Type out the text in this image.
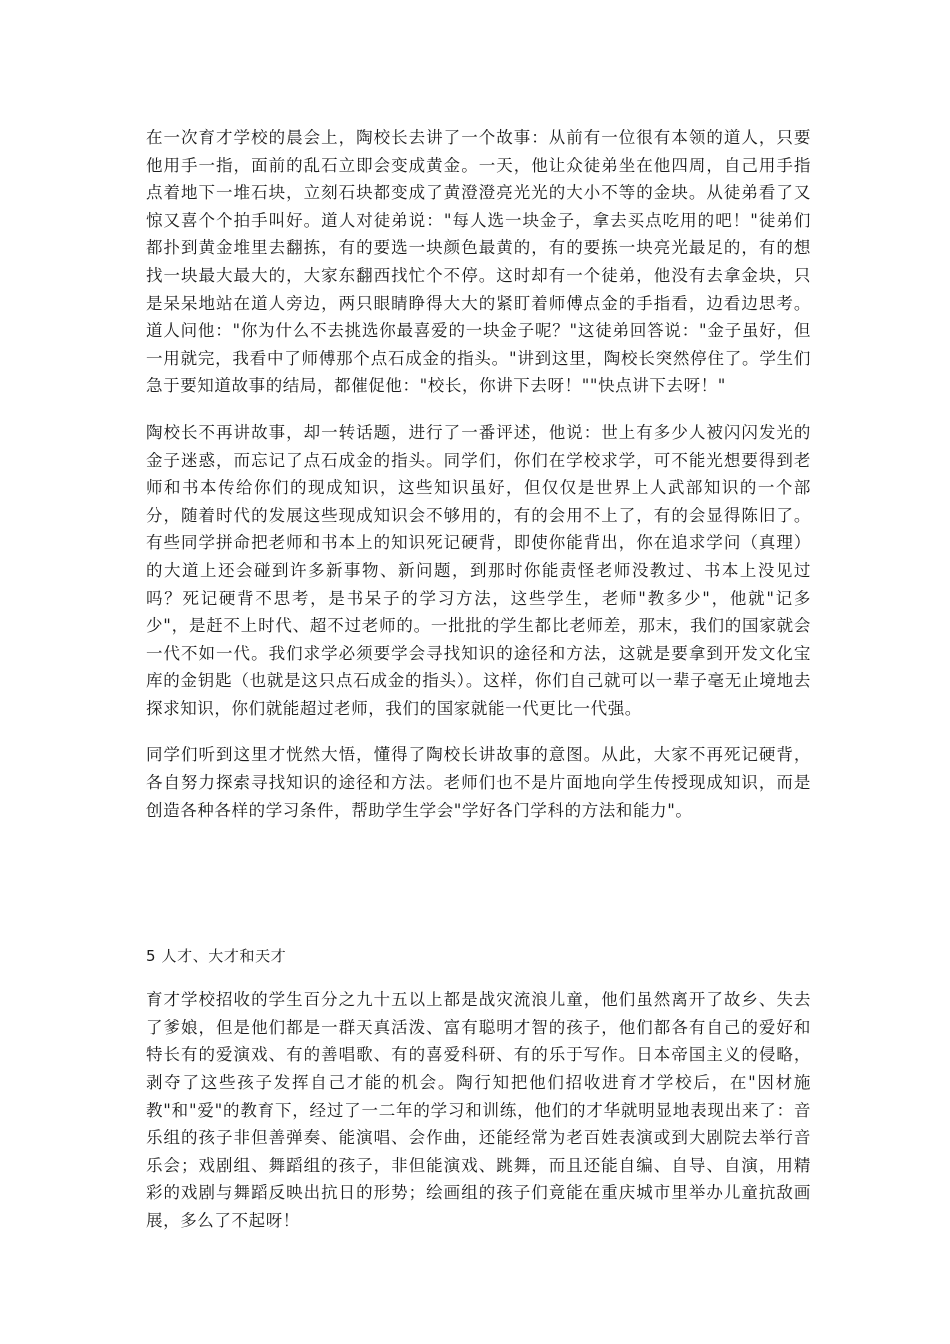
在一次育才学校的晨会上，陶校长去讲了一个故事：从前有一位很有本领的道人，只要他用手一指，面前的乱石立即会变成黄金。一天，他让众徒弟坐在他四周，自己用手指点着地下一堆石块，立刻石块都变成了黄澄澄亮光光的大小不等的金块。从徒弟看了又惊又喜个个拍手叫好。道人对徒弟说："每人选一块金子，拿去买点吃用的吧！"徒弟们都扑到黄金堆里去翻拣，有的要选一块颜色最黄的，有的要拣一块亮光最足的，有的想找一块最大最大的，大家东翻西找忙个不停。这时却有一个徒弟，他没有去拿金块，只是呆呆地站在道人旁边，两只眼睛睁得大大的紧盯着师傅点金的手指看，边看边思考。道人问他："你为什么不去挑选你最喜爱的一块金子呢？"这徒弟回答说："金子虽好，但一用就完，我看中了师傅那个点石成金的指头。"讲到这里，陶校长突然停住了。学生们急于要知道故事的结局，都催促他："校长，你讲下去呀！""快点讲下去呀！"

陶校长不再讲故事，却一转话题，进行了一番评述，他说：世上有多少人被闪闪发光的金子迷惑，而忘记了点石成金的指头。同学们，你们在学校求学，可不能光想要得到老师和书本传给你们的现成知识，这些知识虽好，但仅仅是世界上人武部知识的一个部分，随着时代的发展这些现成知识会不够用的，有的会用不上了，有的会显得陈旧了。有些同学拼命把老师和书本上的知识死记硬背，即使你能背出，你在追求学问（真理）的大道上还会碰到许多新事物、新问题，到那时你能责怪老师没教过、书本上没见过吗？死记硬背不思考，是书呆子的学习方法，这些学生，老师"教多少"，他就"记多少"，是赶不上时代、超不过老师的。一批批的学生都比老师差，那末，我们的国家就会一代不如一代。我们求学必须要学会寻找知识的途径和方法，这就是要拿到开发文化宝库的金钥匙（也就是这只点石成金的指头）。这样，你们自己就可以一辈子毫无止境地去探求知识，你们就能超过老师，我们的国家就能一代更比一代强。

同学们听到这里才恍然大悟，懂得了陶校长讲故事的意图。从此，大家不再死记硬背，各自努力探索寻找知识的途径和方法。老师们也不是片面地向学生传授现成知识，而是创造各种各样的学习条件，帮助学生学会"学好各门学科的方法和能力"。

5 人才、大才和天才

育才学校招收的学生百分之九十五以上都是战灾流浪儿童，他们虽然离开了故乡、失去了爹娘，但是他们都是一群天真活泼、富有聪明才智的孩子，他们都各有自己的爱好和特长有的爱演戏、有的善唱歌、有的喜爱科研、有的乐于写作。日本帝国主义的侵略，剥夺了这些孩子发挥自己才能的机会。陶行知把他们招收进育才学校后，在"因材施教"和"爱"的教育下，经过了一二年的学习和训练，他们的才华就明显地表现出来了：音乐组的孩子非但善弹奏、能演唱、会作曲，还能经常为老百姓表演或到大剧院去举行音乐会；戏剧组、舞蹈组的孩子，非但能演戏、跳舞，而且还能自编、自导、自演，用精彩的戏剧与舞蹈反映出抗日的形势；绘画组的孩子们竟能在重庆城市里举办儿童抗敌画展，多么了不起呀！
